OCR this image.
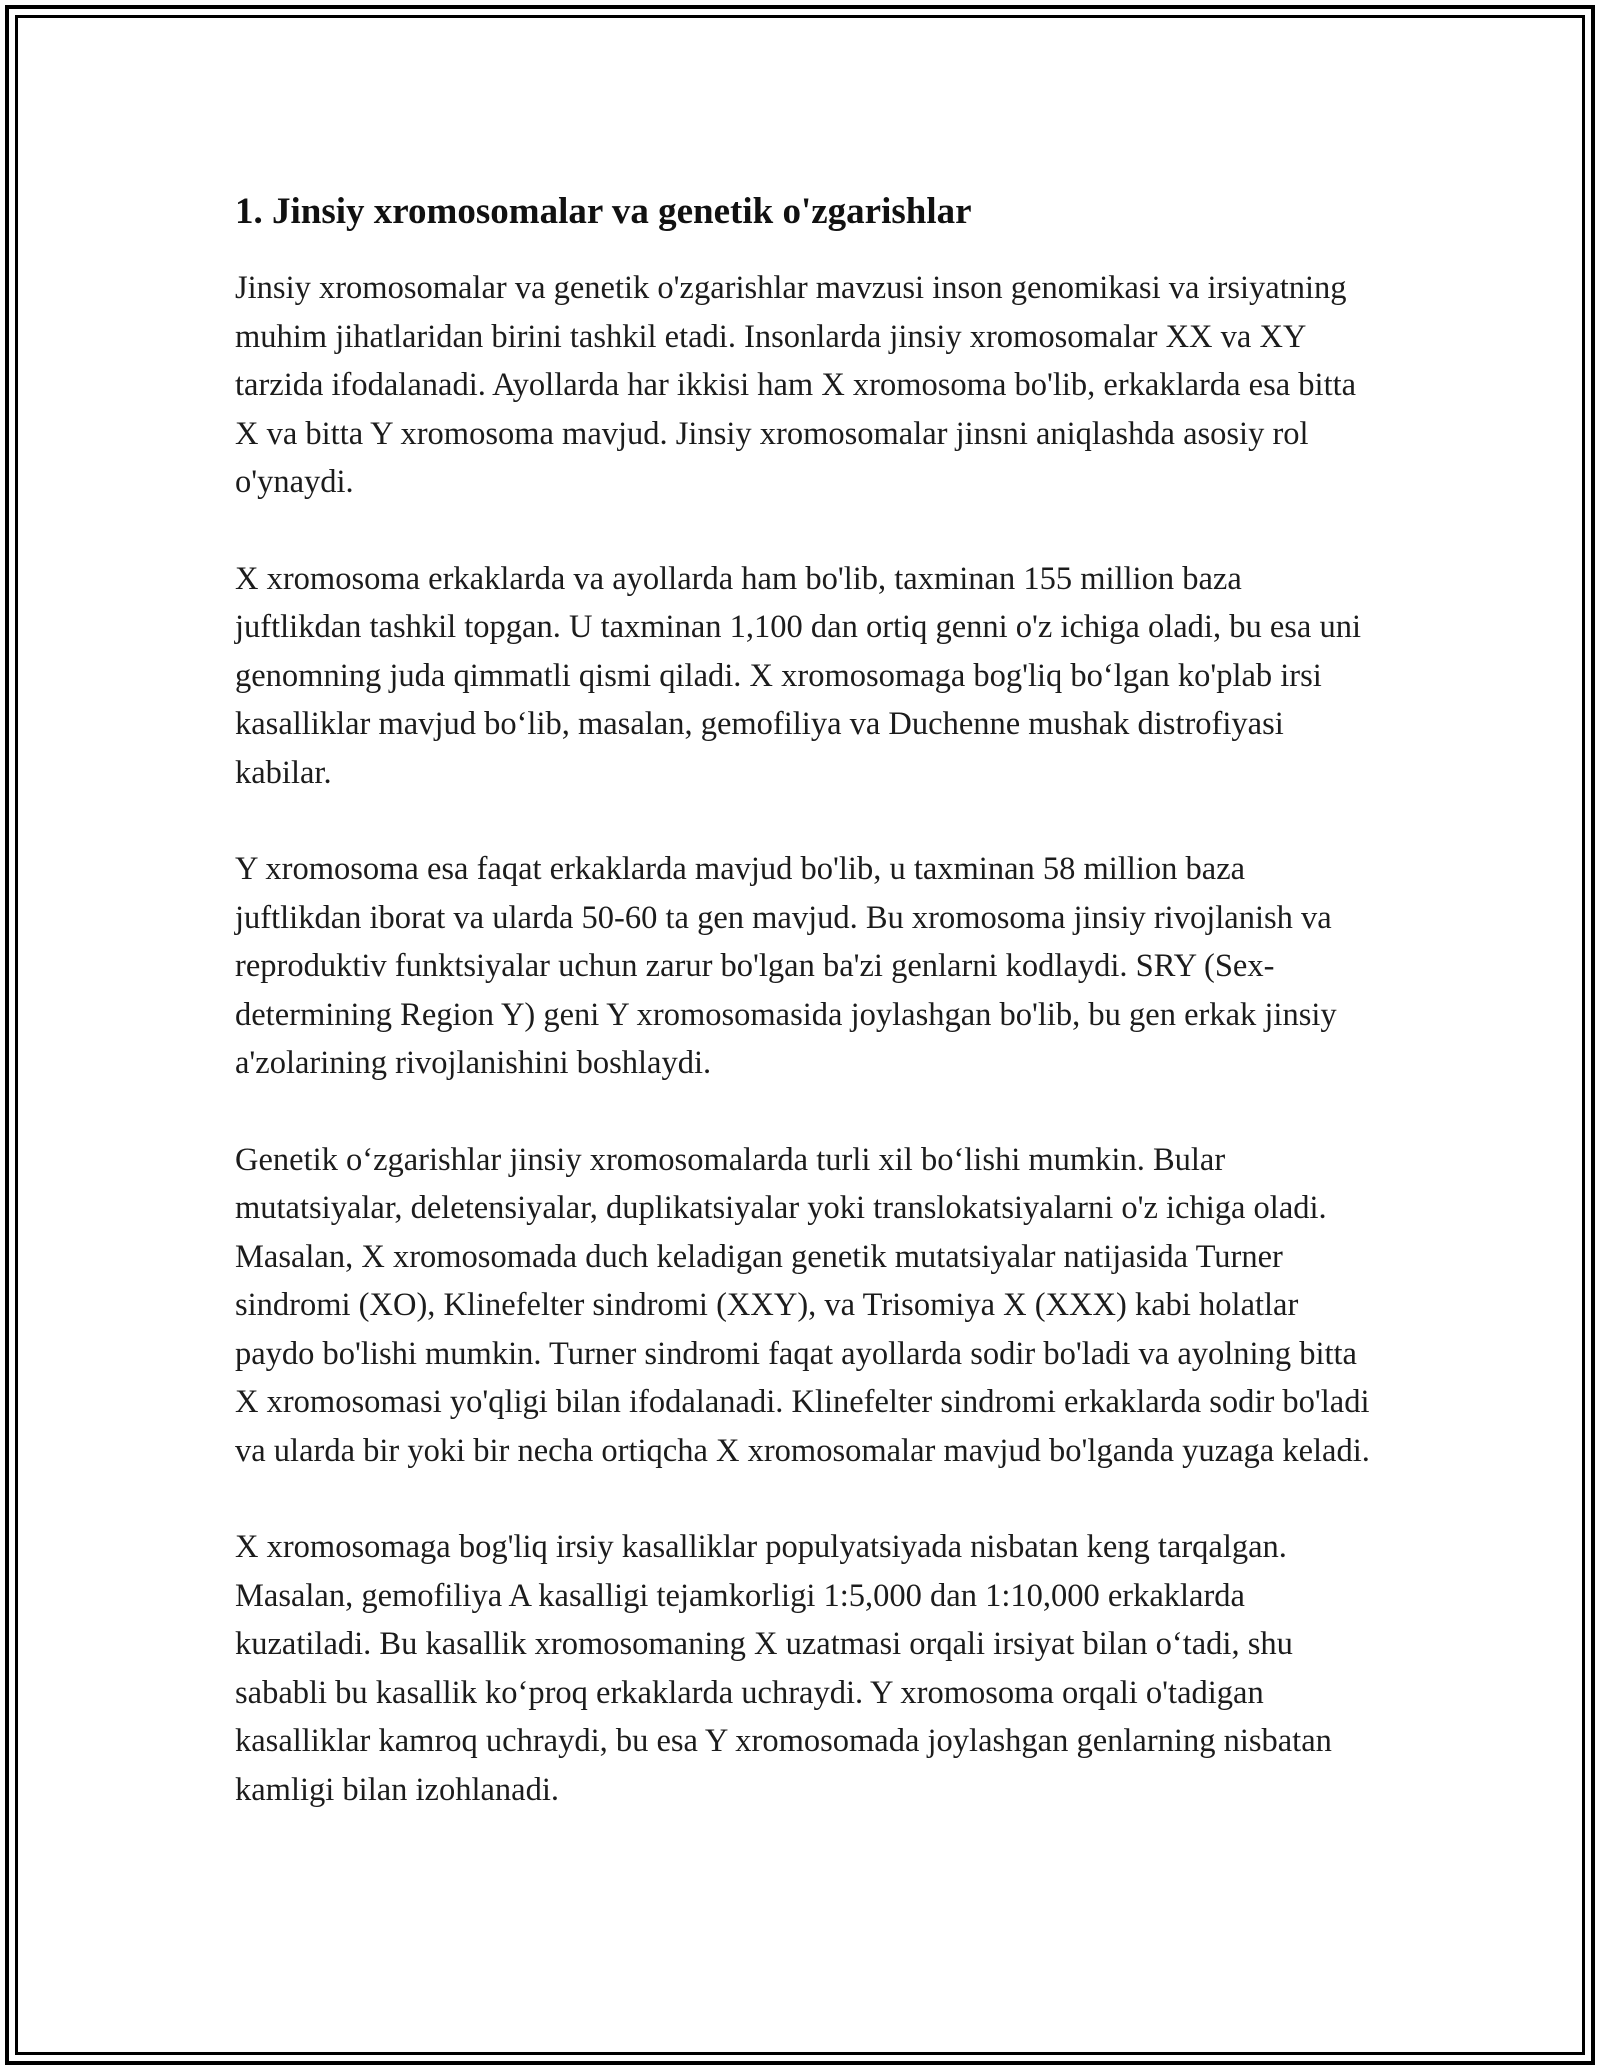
1. Jinsiy xromosomalar va genetik o'zgarishlar

Jinsiy xromosomalar va genetik o'zgarishlar mavzusi inson genomikasi va irsiyatning muhim jihatlaridan birini tashkil etadi. Insonlarda jinsiy xromosomalar XX va XY tarzida ifodalanadi. Ayollarda har ikkisi ham X xromosoma bo'lib, erkaklarda esa bitta X va bitta Y xromosoma mavjud. Jinsiy xromosomalar jinsni aniqlashda asosiy rol o'ynaydi.

X xromosoma erkaklarda va ayollarda ham bo'lib, taxminan 155 million baza juftlikdan tashkil topgan. U taxminan 1,100 dan ortiq genni o'z ichiga oladi, bu esa uni genomning juda qimmatli qismi qiladi. X xromosomaga bog'liq bo‘lgan ko'plab irsi kasalliklar mavjud bo‘lib, masalan, gemofiliya va Duchenne mushak distrofiyasi kabilar.

Y xromosoma esa faqat erkaklarda mavjud bo'lib, u taxminan 58 million baza juftlikdan iborat va ularda 50-60 ta gen mavjud. Bu xromosoma jinsiy rivojlanish va reproduktiv funktsiyalar uchun zarur bo'lgan ba'zi genlarni kodlaydi. SRY (Sex-determining Region Y) geni Y xromosomasida joylashgan bo'lib, bu gen erkak jinsiy a'zolarining rivojlanishini boshlaydi.

Genetik o‘zgarishlar jinsiy xromosomalarda turli xil bo‘lishi mumkin. Bular mutatsiyalar, deletensiyalar, duplikatsiyalar yoki translokatsiyalarni o'z ichiga oladi. Masalan, X xromosomada duch keladigan genetik mutatsiyalar natijasida Turner sindromi (XO), Klinefelter sindromi (XXY), va Trisomiya X (XXX) kabi holatlar paydo bo'lishi mumkin. Turner sindromi faqat ayollarda sodir bo'ladi va ayolning bitta X xromosomasi yo'qligi bilan ifodalanadi. Klinefelter sindromi erkaklarda sodir bo'ladi va ularda bir yoki bir necha ortiqcha X xromosomalar mavjud bo'lganda yuzaga keladi.

X xromosomaga bog'liq irsiy kasalliklar populyatsiyada nisbatan keng tarqalgan. Masalan, gemofiliya A kasalligi tejamkorligi 1:5,000 dan 1:10,000 erkaklarda kuzatiladi. Bu kasallik xromosomaning X uzatmasi orqali irsiyat bilan o‘tadi, shu sababli bu kasallik ko‘proq erkaklarda uchraydi. Y xromosoma orqali o'tadigan kasalliklar kamroq uchraydi, bu esa Y xromosomada joylashgan genlarning nisbatan kamligi bilan izohlanadi.
